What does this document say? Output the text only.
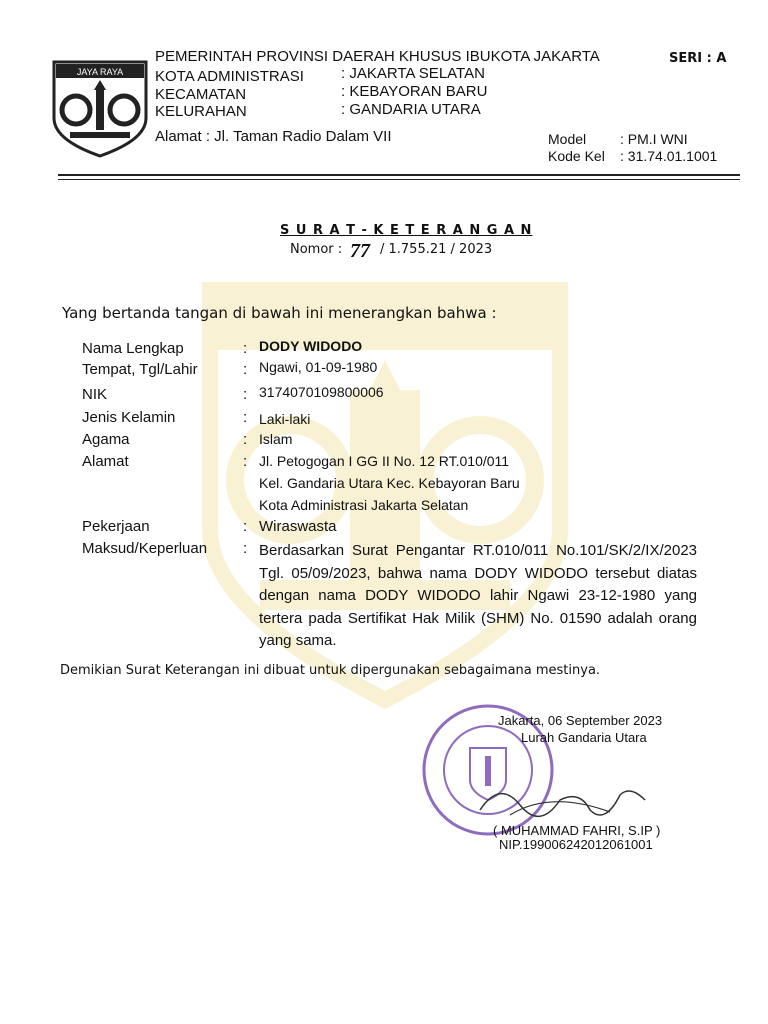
JAYA RAYA
PEMERINTAH PROVINSI DAERAH KHUSUS IBUKOTA JAKARTA	SERI : A
KOTA ADMINISTRASI : JAKARTA SELATAN
KECAMATAN	: KEBAYORAN BARU
KELURAHAN	: GANDARIA UTARA
Alamat : Jl. Taman Radio Dalam VII	Model : PM.I WNI
Kode Kel : 31.74.01.1001
S U R A T - K E T E R A N G A N
Nomor : 77 / 1.755.21 / 2023
Yang bertanda tangan di bawah ini menerangkan bahwa :
Nama Lengkap	: DODY WIDODO
Tempat, Tgl/Lahir	: Ngawi, 01-09-1980
NIK	: 3174070109800006
Jenis Kelamin	: Laki-laki
Agama	: Islam
Alamat	: Jl. Petogogan I GG II No. 12 RT.010/011
Kel. Gandaria Utara Kec. Kebayoran Baru
Kota Administrasi Jakarta Selatan
Pekerjaan	: Wiraswasta
Maksud/Keperluan : Berdasarkan Surat Pengantar RT.010/011 No.101/SK/2/IX/2023 Tgl. 05/09/2023, bahwa nama DODY WIDODO tersebut diatas dengan nama DODY WIDODO lahir Ngawi 23-12-1980 yang tertera pada Sertifikat Hak Milik (SHM) No. 01590 adalah orang yang sama.
Demikian Surat Keterangan ini dibuat untuk dipergunakan sebagaimana mestinya.
Jakarta, 06 September 2023
Lurah Gandaria Utara
( MUHAMMAD FAHRI, S.IP )
NIP.199006242012061001
